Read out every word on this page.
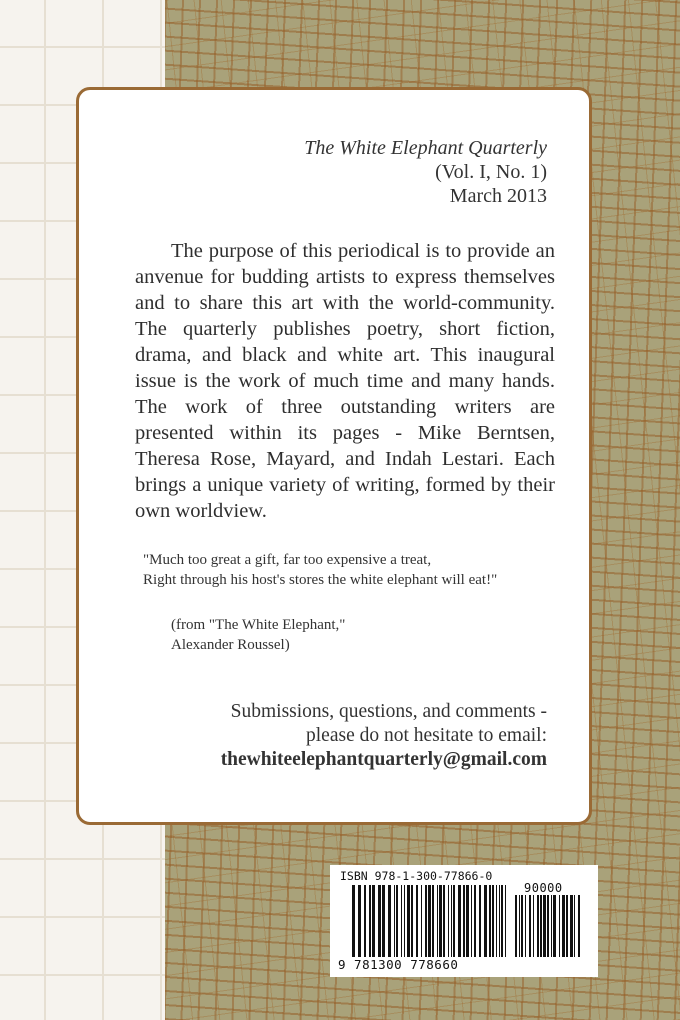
The White Elephant Quarterly
(Vol. I, No. 1)
March 2013
The purpose of this periodical is to provide an anvenue for budding artists to express themselves and to share this art with the world-community. The quarterly publishes poetry, short fiction, drama, and black and white art. This inaugural issue is the work of much time and many hands. The work of three outstanding writers are presented within its pages - Mike Berntsen, Theresa Rose, Mayard, and Indah Lestari. Each brings a unique variety of writing, formed by their own worldview.
"Much too great a gift, far too expensive a treat,
Right through his host's stores the white elephant will eat!"
(from "The White Elephant,"
Alexander Roussel)
Submissions, questions, and comments -
please do not hesitate to email:
thewhiteelephantquarterly@gmail.com
ISBN 978-1-300-77866-0
90000
9 781300 778660
